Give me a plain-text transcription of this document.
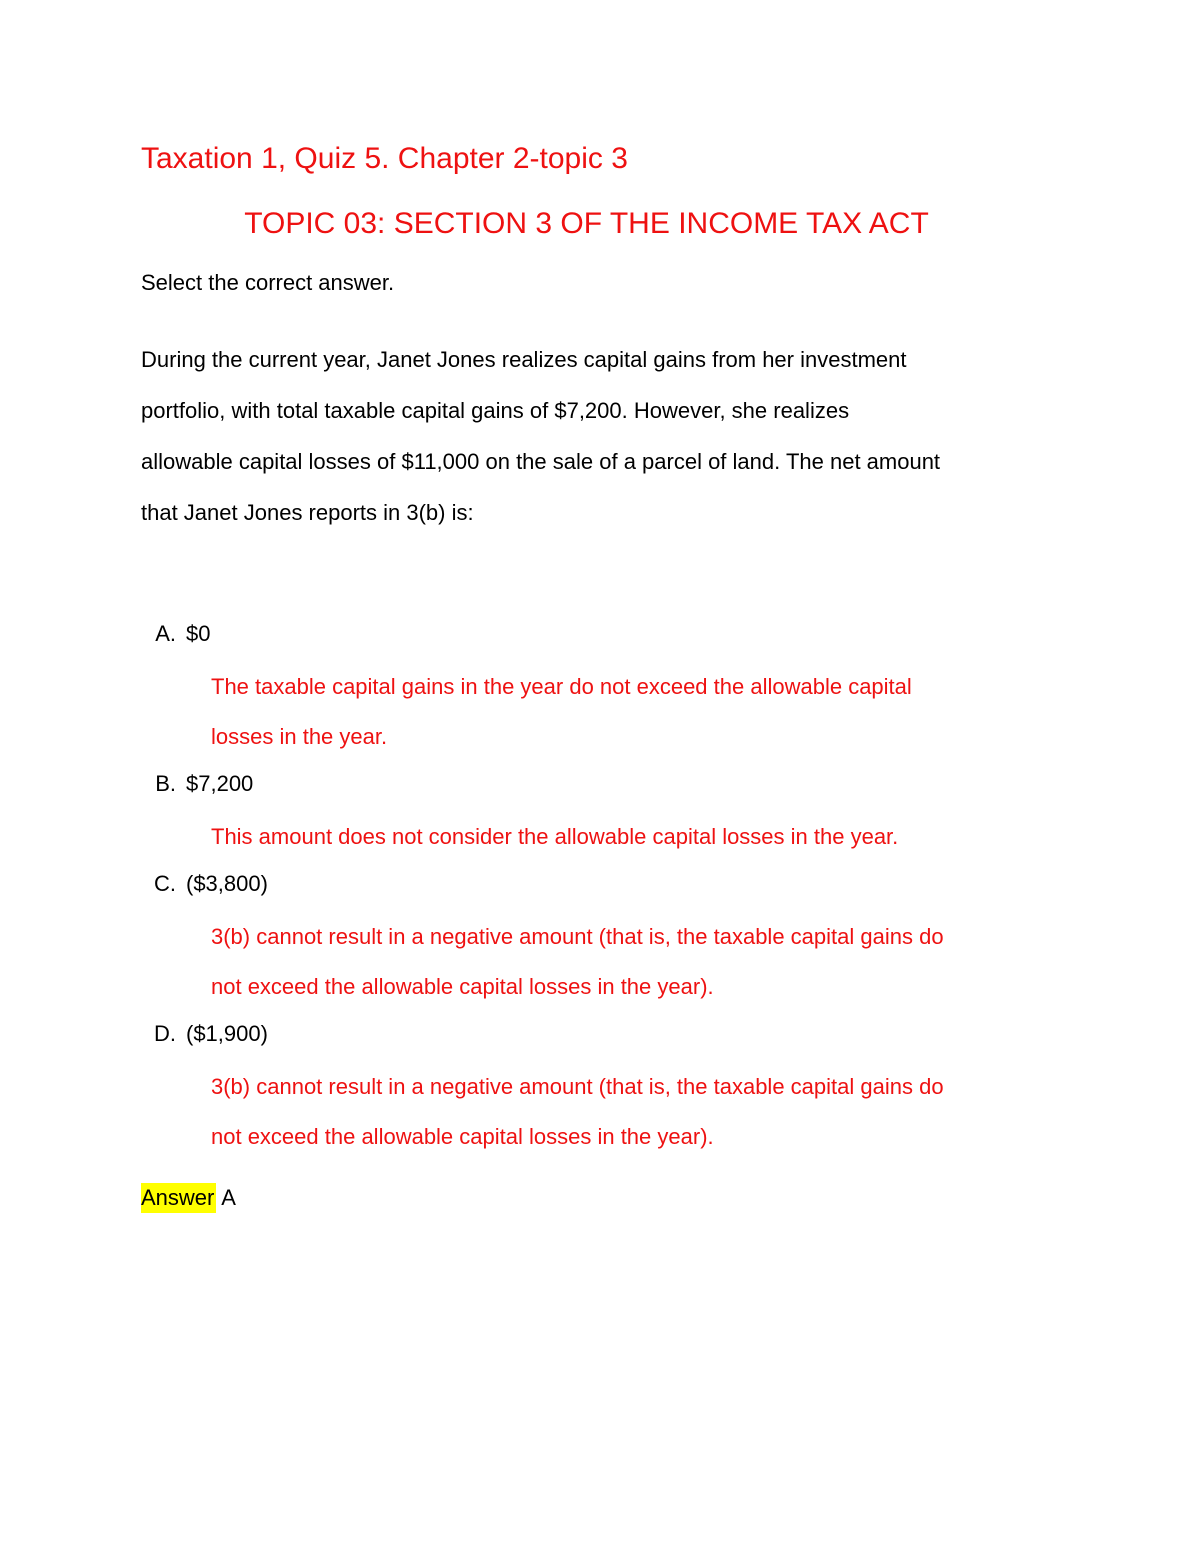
Taxation 1, Quiz 5. Chapter 2-topic 3
TOPIC 03: SECTION 3 OF THE INCOME TAX ACT
Select the correct answer.
During the current year, Janet Jones realizes capital gains from her investment
portfolio, with total taxable capital gains of $7,200. However, she realizes
allowable capital losses of $11,000 on the sale of a parcel of land. The net amount
that Janet Jones reports in 3(b) is:
A. $0
The taxable capital gains in the year do not exceed the allowable capital
losses in the year.
B. $7,200
This amount does not consider the allowable capital losses in the year.
C. ($3,800)
3(b) cannot result in a negative amount (that is, the taxable capital gains do
not exceed the allowable capital losses in the year).
D. ($1,900)
3(b) cannot result in a negative amount (that is, the taxable capital gains do
not exceed the allowable capital losses in the year).
Answer A
